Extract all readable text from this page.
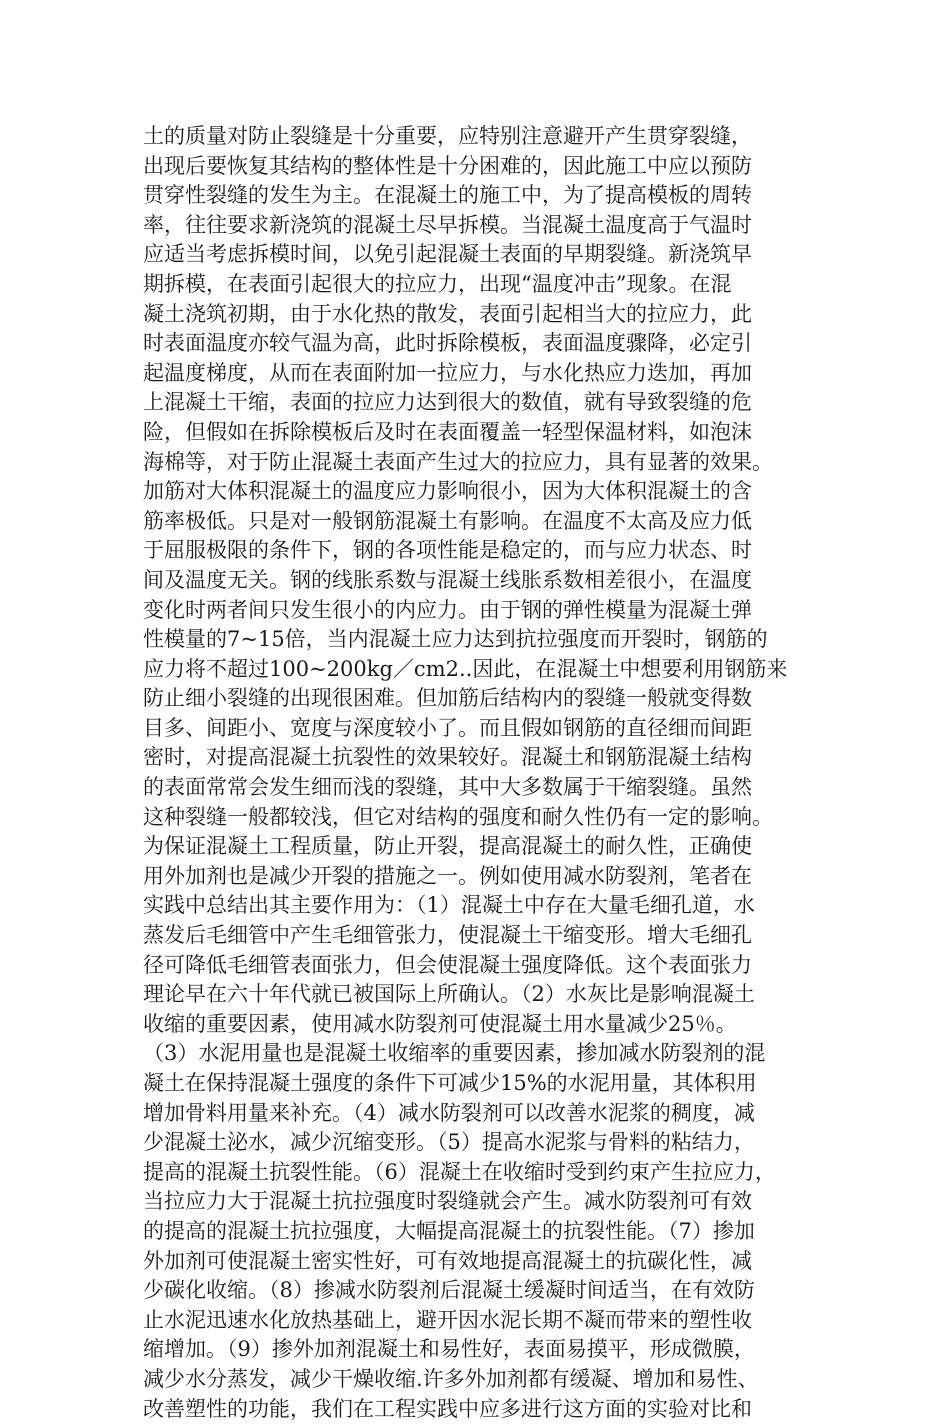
土的质量对防止裂缝是十分重要，应特别注意避开产生贯穿裂缝，
出现后要恢复其结构的整体性是十分困难的，因此施工中应以预防
贯穿性裂缝的发生为主。在混凝土的施工中，为了提高模板的周转
率，往往要求新浇筑的混凝土尽早拆模。当混凝土温度高于气温时
应适当考虑拆模时间，以免引起混凝土表面的早期裂缝。新浇筑早
期拆模，在表面引起很大的拉应力，出现“温度冲击”现象。在混
凝土浇筑初期，由于水化热的散发，表面引起相当大的拉应力，此
时表面温度亦较气温为高，此时拆除模板，表面温度骤降，必定引
起温度梯度，从而在表面附加一拉应力，与水化热应力迭加，再加
上混凝土干缩，表面的拉应力达到很大的数值，就有导致裂缝的危
险，但假如在拆除模板后及时在表面覆盖一轻型保温材料，如泡沫
海棉等，对于防止混凝土表面产生过大的拉应力，具有显著的效果。
加筋对大体积混凝土的温度应力影响很小，因为大体积混凝土的含
筋率极低。只是对一般钢筋混凝土有影响。在温度不太高及应力低
于屈服极限的条件下，钢的各项性能是稳定的，而与应力状态、时
间及温度无关。钢的线胀系数与混凝土线胀系数相差很小，在温度
变化时两者间只发生很小的内应力。由于钢的弹性模量为混凝土弹
性模量的7~15倍，当内混凝土应力达到抗拉强度而开裂时，钢筋的
应力将不超过100~200kg／cm2..因此，在混凝土中想要利用钢筋来
防止细小裂缝的出现很困难。但加筋后结构内的裂缝一般就变得数
目多、间距小、宽度与深度较小了。而且假如钢筋的直径细而间距
密时，对提高混凝土抗裂性的效果较好。混凝土和钢筋混凝土结构
的表面常常会发生细而浅的裂缝，其中大多数属于干缩裂缝。虽然
这种裂缝一般都较浅，但它对结构的强度和耐久性仍有一定的影响。
为保证混凝土工程质量，防止开裂，提高混凝土的耐久性，正确使
用外加剂也是减少开裂的措施之一。例如使用减水防裂剂，笔者在
实践中总结出其主要作用为：（1）混凝土中存在大量毛细孔道，水
蒸发后毛细管中产生毛细管张力，使混凝土干缩变形。增大毛细孔
径可降低毛细管表面张力，但会使混凝土强度降低。这个表面张力
理论早在六十年代就已被国际上所确认。（2）水灰比是影响混凝土
收缩的重要因素，使用减水防裂剂可使混凝土用水量减少25％。
（3）水泥用量也是混凝土收缩率的重要因素，掺加减水防裂剂的混
凝土在保持混凝土强度的条件下可减少15%的水泥用量，其体积用
增加骨料用量来补充。（4）减水防裂剂可以改善水泥浆的稠度，减
少混凝土泌水，减少沉缩变形。（5）提高水泥浆与骨料的粘结力，
提高的混凝土抗裂性能。（6）混凝土在收缩时受到约束产生拉应力，
当拉应力大于混凝土抗拉强度时裂缝就会产生。减水防裂剂可有效
的提高的混凝土抗拉强度，大幅提高混凝土的抗裂性能。（7）掺加
外加剂可使混凝土密实性好，可有效地提高混凝土的抗碳化性，减
少碳化收缩。（8）掺减水防裂剂后混凝土缓凝时间适当，在有效防
止水泥迅速水化放热基础上，避开因水泥长期不凝而带来的塑性收
缩增加。（9）掺外加剂混凝土和易性好，表面易摸平，形成微膜，
减少水分蒸发，减少干燥收缩.许多外加剂都有缓凝、增加和易性、
改善塑性的功能，我们在工程实践中应多进行这方面的实验对比和
